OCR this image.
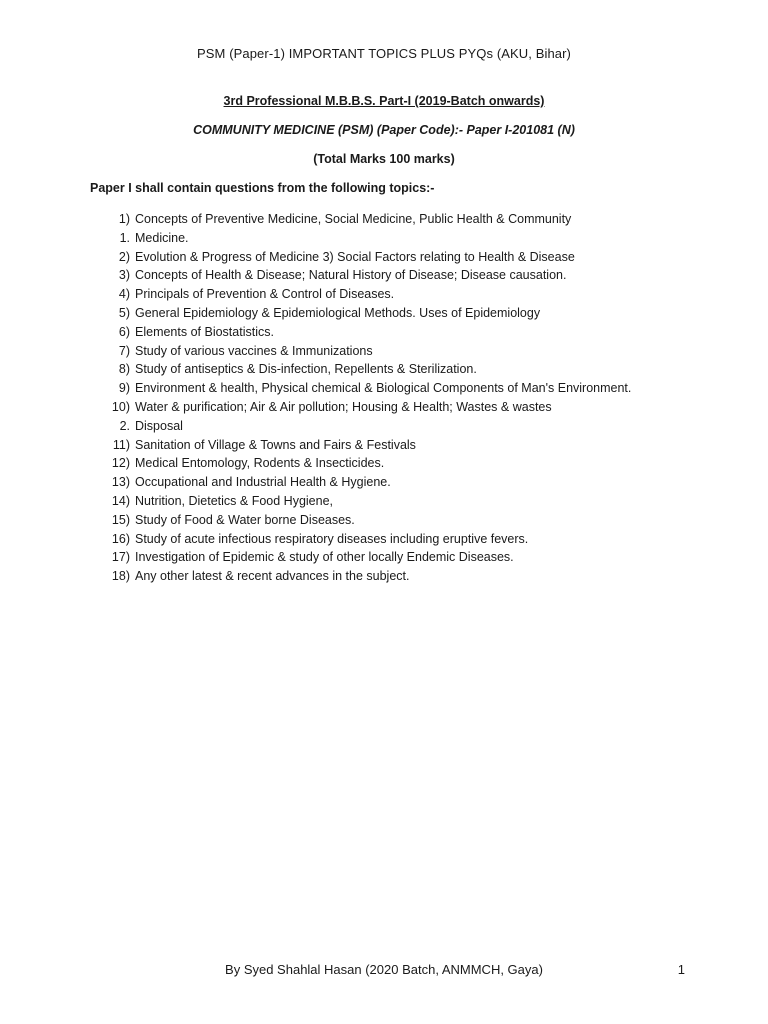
PSM (Paper-1) IMPORTANT TOPICS PLUS PYQs (AKU, Bihar)
3rd Professional M.B.B.S. Part-I (2019-Batch onwards)
COMMUNITY MEDICINE (PSM) (Paper Code):- Paper I-201081 (N)
(Total Marks 100 marks)
Paper I shall contain questions from the following topics:-
1) Concepts of Preventive Medicine, Social Medicine, Public Health & Community
1. Medicine.
2) Evolution & Progress of Medicine 3) Social Factors relating to Health & Disease
3) Concepts of Health & Disease; Natural History of Disease; Disease causation.
4) Principals of Prevention & Control of Diseases.
5) General Epidemiology & Epidemiological Methods. Uses of Epidemiology
6) Elements of Biostatistics.
7) Study of various vaccines & Immunizations
8) Study of antiseptics & Dis-infection, Repellents & Sterilization.
9) Environment & health, Physical chemical & Biological Components of Man's Environment.
10) Water & purification; Air & Air pollution; Housing & Health; Wastes & wastes
2. Disposal
11) Sanitation of Village & Towns and Fairs & Festivals
12) Medical Entomology, Rodents & Insecticides.
13) Occupational and Industrial Health & Hygiene.
14) Nutrition, Dietetics & Food Hygiene,
15) Study of Food & Water borne Diseases.
16) Study of acute infectious respiratory diseases including eruptive fevers.
17) Investigation of Epidemic & study of other locally Endemic Diseases.
18) Any other latest & recent advances in the subject.
By Syed Shahlal Hasan (2020 Batch, ANMMCH, Gaya)	1
